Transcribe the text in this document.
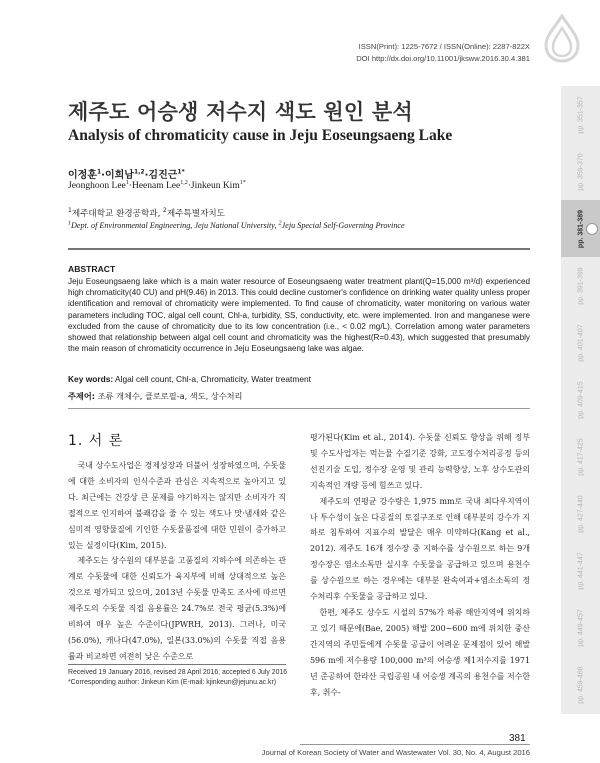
ISSN(Print): 1225-7672 / ISSN(Online): 2287-822X
DOI http://dx.doi.org/10.11001/jksww.2016.30.4.381
pp. 351-357
pp. 359-370
pp. 381-389
pp. 391-399
pp. 401-407
pp. 409-415
pp. 417-425
pp. 427-440
pp. 441-447
pp. 449-457
pp. 459-468
제주도 어승생 저수지 색도 원인 분석
Analysis of chromaticity cause in Jeju Eoseungsaeng Lake
이정훈$^1$·이희남$^{1,2}$·김진근$^{1*}$
Jeonghoon Lee$^1$·Heenam Lee$^{1,2}$·Jinkeun Kim$^{1*}$
$^1$제주대학교 환경공학과, $^2$제주특별자치도
$^1$Dept. of Environmental Engineering, Jeju National University, $^2$Jeju Special Self-Governing Province
ABSTRACT
Jeju Eoseungsaeng lake which is a main water resource of Eoseungsaeng water treatment plant(Q=15,000 m³/d) experienced high chromaticity(40 CU) and pH(9.46) in 2013. This could decline customer's confidence on drinking water quality unless proper identification and removal of chromaticity were implemented. To find cause of chromaticity, water monitoring on various water parameters including TOC, algal cell count, Chl-a, turbidity, SS, conductivity, etc. were implemented. Iron and manganese were excluded from the cause of chromaticity due to its low concentration (i.e., < 0.02 mg/L). Correlation among water parameters showed that relationship between algal cell count and chromaticity was the highest(R=0.43), which suggested that presumably the main reason of chromaticity occurrence in Jeju Eoseungsaeng lake was algae.
Key words: Algal cell count, Chl-a, Chromaticity, Water treatment
주제어: 조류 개체수, 클로로필-a, 색도, 상수처리
1. 서 론

국내 상수도사업은 경제성장과 더불어 성장하였으며, 수돗물에 대한 소비자의 인식수준과 관심은 지속적으로 높아지고 있다. 최근에는 건강상 큰 문제를 야기하지는 않지만 소비자가 직접적으로 인지하여 불쾌감을 줄 수 있는 색도나 맛·냄새와 같은 심미적 영향물질에 기인한 수돗물품질에 대한 민원이 증가하고 있는 실정이다(Kim, 2015).

제주도는 상수원의 대부분을 고품질의 지하수에 의존하는 관계로 수돗물에 대한 신뢰도가 육지부에 비해 상대적으로 높은 것으로 평가되고 있으며, 2013년 수돗물 만족도 조사에 따르면 제주도의 수돗물 직접 음용률은 24.7%로 전국 평균(5.3%)에 비하여 매우 높은 수준이다(JPWRH, 2013). 그러나, 미국(56.0%), 캐나다(47.0%), 일본(33.0%)의 수돗물 직접 음용률과 비교하면 여전히 낮은 수준으로

평가된다(Kim et al., 2014). 수돗물 신뢰도 향상을 위해 정부 및 수도사업자는 먹는물 수질기준 강화, 고도정수처리공정 등의 선진기술 도입, 정수장 운영 및 관리 능력향상, 노후 상수도관의 지속적인 개량 등에 힘쓰고 있다.

제주도의 연평균 강수량은 1,975 mm로 국내 최다우지역이나 투수성이 높은 다공질의 토질구조로 인해 대부분의 강수가 지하로 침투하여 지표수의 발달은 매우 미약하다(Kang et al., 2012). 제주도 16개 정수장 중 지하수를 상수원으로 하는 9개 정수장은 염소소독만 실시후 수돗물을 공급하고 있으며 용천수를 상수원으로 하는 경우에는 대부분 완속여과+염소소독의 정수처리후 수돗물을 공급하고 있다.

한편, 제주도 상수도 시설의 57%가 하류 해안지역에 위치하고 있기 때문에(Bae, 2005) 해발 200∼600 m에 위치한 중산간지역의 주민들에게 수돗물 공급이 어려운 문제점이 있어 해발 596 m에 저수용량 100,000 m³의 어승생 제1저수지를 1971년 준공하여 한라산 국립공원 내 어승생 계곡의 용천수를 저수한 후, 취수-

Received 19 January 2016, revised 28 April 2016, accepted 6 July 2016
*Corresponding author: Jinkeun Kim (E-mail: kjinkeun@jejunu.ac.kr)
381
Journal of Korean Society of Water and Wastewater Vol. 30, No. 4, August 2016
